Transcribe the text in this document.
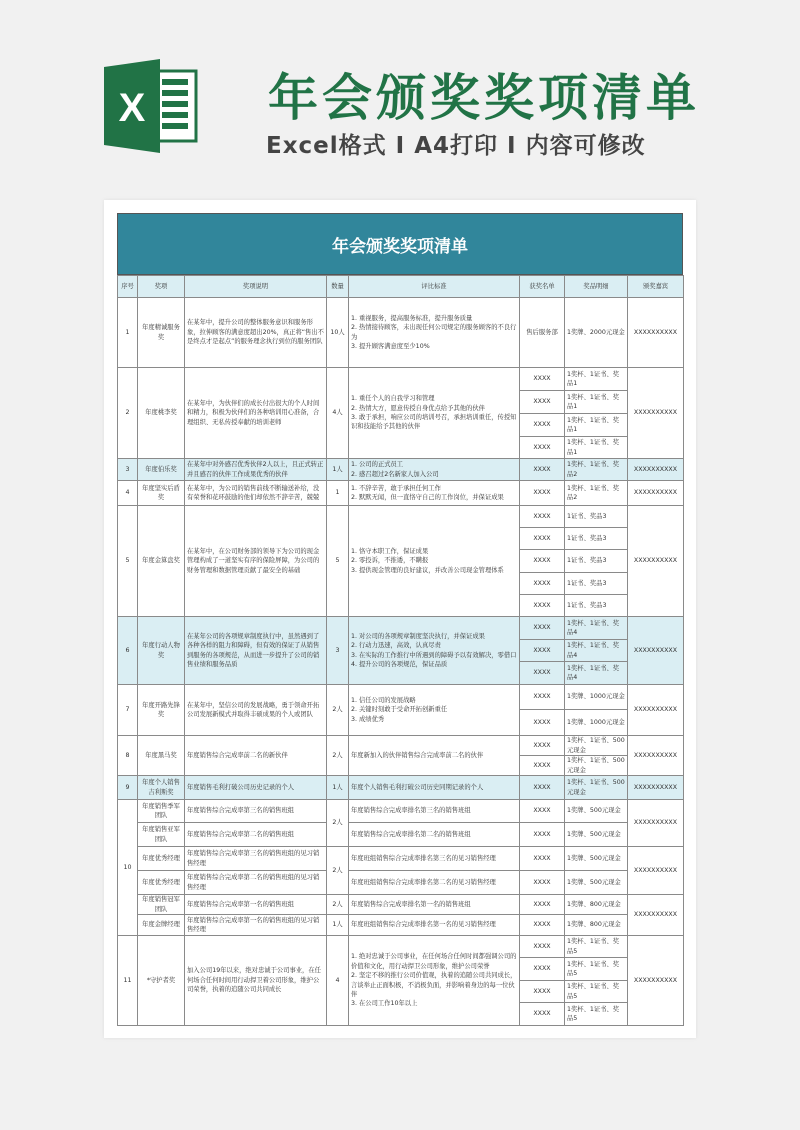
X 年会颁奖奖项清单
Excel格式 Ⅰ A4打印 Ⅰ 内容可修改
年会颁奖奖项清单
序号	奖项	奖项说明	数量	评比标准	获奖名单	奖品明细	颁奖嘉宾
1	年度精诚服务奖	在某年中，提升公司的整体服务意识和服务形象，拉伸顾客的满意度超出20%，真正将“售出不是终点才是起点”的服务理念执行到位的服务团队	10人	1. 重视服务，提高服务标准，提升服务质量
2. 热情接待顾客，未出现任何公司规定的服务顾客的不良行为
3. 提升顾客满意度至少10%	售后服务部	1奖牌、2000元现金	XXXXXXXXXX
2	年度桃李奖	在某年中，为伙伴们的成长付出很大的个人时间和精力，积极为伙伴们的各种培训用心准备，合理组织、无私传授奉献的培训老师	4人	1. 重任个人的自我学习和管理
2. 热情大方，愿意传授自身优点给予其他的伙伴
3. 敢于承担，响应公司的培训号召，承担培训重任，传授知识和技能给予其他的伙伴	XXXX	1奖杯、1证书、奖品1	XXXXXXXXXX
					XXXX	1奖杯、1证书、奖品1	
					XXXX	1奖杯、1证书、奖品1	
					XXXX	1奖杯、1证书、奖品1	
3	年度伯乐奖	在某年中对外感召优秀伙伴2人以上，且正式转正并且感召的伙伴工作成果优秀的伙伴	1人	1. 公司的正式员工
2. 感召超过2名新家人加入公司	XXXX	1奖杯、1证书、奖品2	XXXXXXXXXX
4	年度坚实后盾奖	在某年中，为公司的销售前线不断输送补给，没有荣誉和花环鼓励的他们却依然不辞辛苦，兢兢	1	1. 不辞辛苦，敢于承担任何工作
2. 默默无闻，但一直恪守自己的工作岗位，并保证成果	XXXX	1奖杯、1证书、奖品2	XXXXXXXXXX
5	年度金算盘奖	在某年中，在公司财务部的领导下为公司的现金管理构成了一道坚实有序的保险屏障，为公司的财务管理和数据管理贡献了最安全的基础	5	1. 恪守本职工作，保证成果
2. 零投诉，不推诿，不瞒报
3. 提供现金管理的良好建议，并改善公司现金管理体系	XXXX	1证书、奖品3	XXXXXXXXXX
					XXXX	1证书、奖品3	
					XXXX	1证书、奖品3	
					XXXX	1证书、奖品3	
					XXXX	1证书、奖品3	
6	年度行动人物奖	在某年公司的各项规章制度执行中，虽然遇到了各种各样的阻力和障碍，但有效的保证了从销售到服务的各项规范，从而进一步提升了公司的销售业绩和服务品质	3	1. 对公司的各项规章制度坚决执行，并保证成果
2. 行动力迅速，高效，认真尽责
3. 在实际的工作推行中所遇到的障碍予以有效解决，零借口
4. 提升公司的各项规范，保证品质	XXXX	1奖杯、1证书、奖品4	XXXXXXXXXX
					XXXX	1奖杯、1证书、奖品4	
					XXXX	1奖杯、1证书、奖品4	
7	年度开路先锋奖	在某年中，坚信公司的发展战略，勇于领命开拓公司发展新模式并取得丰硕成果的个人或团队	2人	1. 信任公司的发展战略
2. 关键时刻敢于受命开拓创新重任
3. 成绩优秀	XXXX	1奖牌、1000元现金	XXXXXXXXXX
					XXXX	1奖牌、1000元现金	
8	年度黑马奖	年度销售综合完成率前二名的新伙伴	2人	年度新加入的伙伴销售综合完成率前二名的伙伴	XXXX	1奖杯、1证书、500元现金	XXXXXXXXXX
					XXXX	1奖杯、1证书、500元现金	
9	年度个人销售吉利斯奖	年度销售毛利打破公司历史记录的个人	1人	年度个人销售毛利打破公司历史同期记录的个人	XXXX	1奖杯、1证书、500元现金	XXXXXXXXXX
10	年度销售季军团队	年度销售综合完成率第三名的销售班组	2人	年度销售综合完成率排名第三名的销售班组	XXXX	1奖牌、500元现金	XXXXXXXXXX
	年度销售亚军团队	年度销售综合完成率第二名的销售班组		年度销售综合完成率排名第二名的销售班组	XXXX	1奖牌、500元现金	
	年度优秀经理	年度销售综合完成率第三名的销售班组的见习销售经理	2人	年度班组销售综合完成率排名第三名的见习销售经理	XXXX	1奖牌、500元现金	XXXXXXXXXX
	年度优秀经理	年度销售综合完成率第二名的销售班组的见习销售经理		年度班组销售综合完成率排名第二名的见习销售经理	XXXX	1奖牌、500元现金	
	年度销售冠军团队	年度销售综合完成率第一名的销售班组	2人	年度销售综合完成率排名第一名的销售班组	XXXX	1奖牌、800元现金	XXXXXXXXXX
	年度金牌经理	年度销售综合完成率第一名的销售班组的见习销售经理	1人	年度班组销售综合完成率排名第一名的见习销售经理	XXXX	1奖牌、800元现金	
11	*守护者奖	加入公司19年以来，绝对忠诚于公司事业，在任何场合任何时间用行动捍卫着公司形象，维护公司荣誉，执着的追随公司共同成长	4	1. 绝对忠诚于公司事业，在任何场合任何时间都强调公司的价值和文化，用行动捍卫公司形象，维护公司荣誉
2. 坚定不移的推行公司价值观，执着的追随公司共同成长，言谈举止正面积极，不消极负面，并影响着身边的每一位伙伴
3. 在公司工作10年以上	XXXX	1奖杯、1证书、奖品5	XXXXXXXXXX
					XXXX	1奖杯、1证书、奖品5	
					XXXX	1奖杯、1证书、奖品5	
					XXXX	1奖杯、1证书、奖品5	
